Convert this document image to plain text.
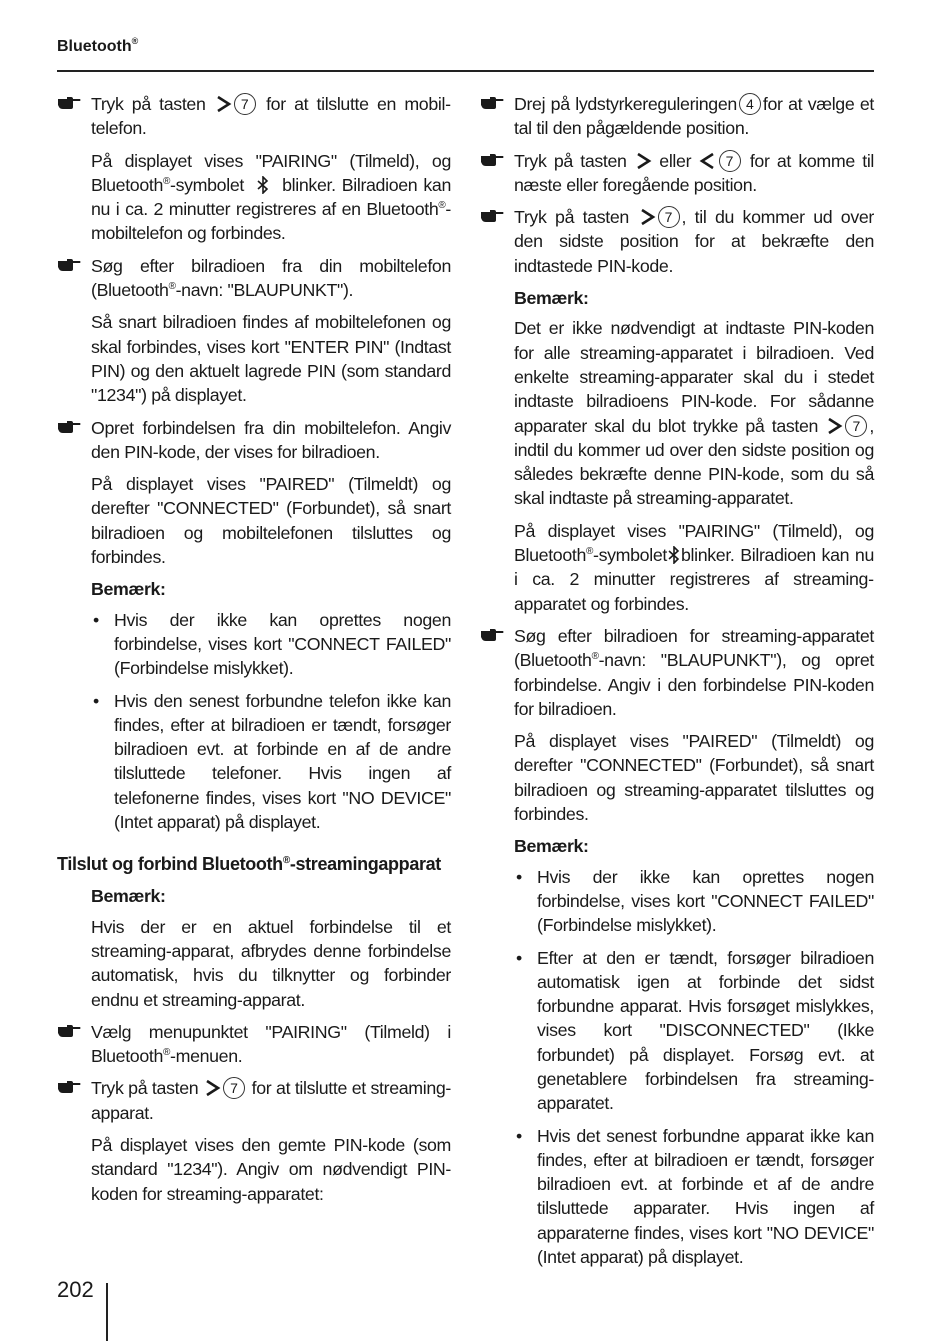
Bluetooth®
Tryk på tasten	7 for at tilslutte en mobiltelefon.
På displayet vises "PAIRING" (Tilmeld), og Bluetooth®-symbolet blinker. Bilradioen kan nu i ca. 2 minutter registreres af en Bluetooth®-mobiltelefon og forbindes.
Søg efter bilradioen fra din mobiltelefon (Bluetooth®-navn: "BLAUPUNKT").
Så snart bilradioen findes af mobiltelefonen og skal forbindes, vises kort "ENTER PIN" (Indtast PIN) og den aktuelt lagrede PIN (som standard "1234") på displayet.
Opret forbindelsen fra din mobiltelefon. Angiv den PIN-kode, der vises for bilradioen.
På displayet vises "PAIRED" (Tilmeldt) og derefter "CONNECTED" (Forbundet), så snart bilradioen og mobiltelefonen tilsluttes og forbindes.
Bemærk:
• Hvis der ikke kan oprettes nogen forbindelse, vises kort "CONNECT FAILED" (Forbindelse mislykket).
• Hvis den senest forbundne telefon ikke kan findes, efter at bilradioen er tændt, forsøger bilradioen evt. at forbinde en af de andre tilsluttede telefoner. Hvis ingen af telefonerne findes, vises kort "NO DEVICE" (Intet apparat) på displayet.
Tilslut og forbind Bluetooth®-streamingapparat
Bemærk:
Hvis der er en aktuel forbindelse til et streaming-apparat, afbrydes denne forbindelse automatisk, hvis du tilknytter og forbinder endnu et streaming-apparat.
Vælg menupunktet "PAIRING" (Tilmeld) i Bluetooth®-menuen.
Tryk på tasten 7 for at tilslutte et streaming-apparat.
På displayet vises den gemte PIN-kode (som standard "1234"). Angiv om nødvendigt PIN-koden for streaming-apparatet:
Drej på lydstyrkereguleringen 4 for at vælge et tal til den pågældende position.
Tryk på tasten eller 7 for at komme til næste eller foregående position.
Tryk på tasten	7 , til du kommer ud over den sidste position for at bekræfte den indtastede PIN-kode.
Bemærk:
Det er ikke nødvendigt at indtaste PIN-koden for alle streaming-apparatet i bilradioen. Ved enkelte streaming-apparater skal du i stedet indtaste bilradioens PIN-kode. For sådanne apparater skal du blot trykke på tasten 7 , indtil du kommer ud over den sidste position og således bekræfte denne PIN-kode, som du så skal indtaste på streaming-apparatet.
På displayet vises "PAIRING" (Tilmeld), og Bluetooth®-symbolet blinker. Bilradioen kan nu i ca. 2 minutter registreres af streamingapparatet og forbindes.
Søg efter bilradioen for streaming-apparatet (Bluetooth®-navn: "BLAUPUNKT"), og opret forbindelse. Angiv i den forbindelse PIN-koden for bilradioen.
På displayet vises "PAIRED" (Tilmeldt) og derefter "CONNECTED" (Forbundet), så snart bilradioen og streaming-apparatet tilsluttes og forbindes.
Bemærk:
• Hvis der ikke kan oprettes nogen forbindelse, vises kort "CONNECT FAILED" (Forbindelse mislykket).
• Efter at den er tændt, forsøger bilradioen automatisk igen at forbinde det sidst forbundne apparat. Hvis forsøget mislykkes, vises kort "DISCONNECTED" (Ikke forbundet) på displayet. Forsøg evt. at genetablere forbindelsen fra streaming-apparatet.
• Hvis det senest forbundne apparat ikke kan findes, efter at bilradioen er tændt, forsøger bilradioen evt. at forbinde et af de andre tilsluttede apparater. Hvis ingen af apparaterne findes, vises kort "NO DEVICE" (Intet apparat) på displayet.
202
